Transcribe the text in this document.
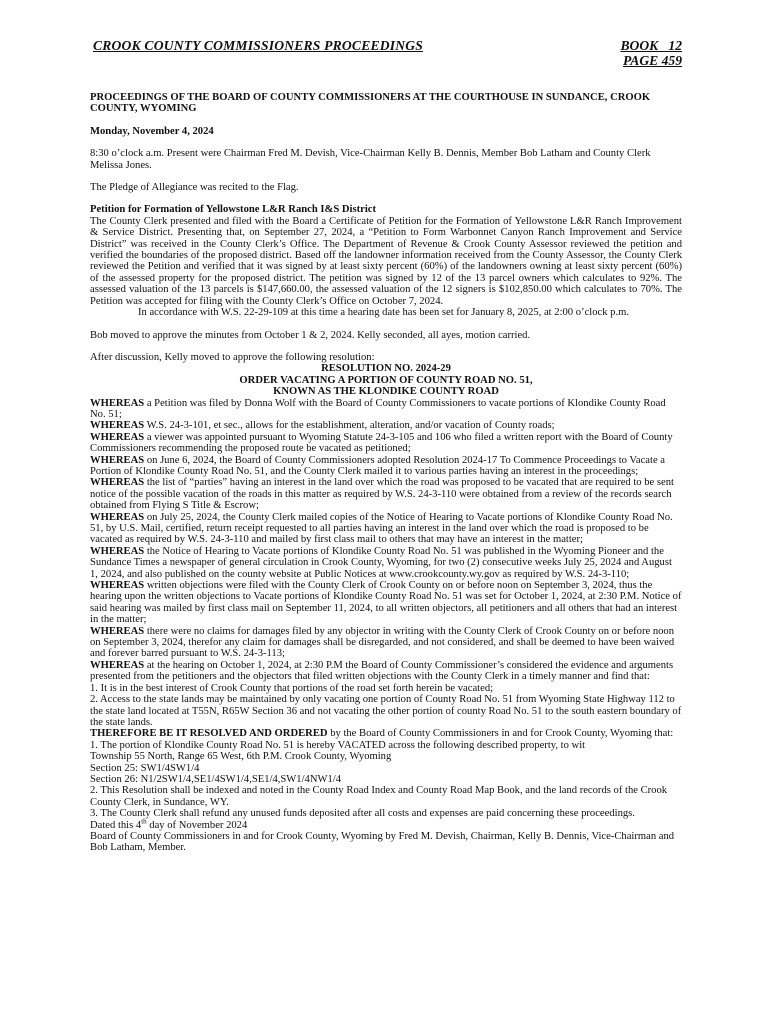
CROOK COUNTY COMMISSIONERS PROCEEDINGS	BOOK   12
PAGE 459

PROCEEDINGS OF THE BOARD OF COUNTY COMMISSIONERS AT THE COURTHOUSE IN SUNDANCE, CROOK COUNTY, WYOMING

Monday, November 4, 2024

8:30 o’clock a.m. Present were Chairman Fred M. Devish, Vice-Chairman Kelly B. Dennis, Member Bob Latham and County Clerk Melissa Jones.

The Pledge of Allegiance was recited to the Flag.

Petition for Formation of Yellowstone L&R Ranch I&S District

The County Clerk presented and filed with the Board a Certificate of Petition for the Formation of Yellowstone L&R Ranch Improvement & Service District. Presenting that, on September 27, 2024, a “Petition to Form Warbonnet Canyon Ranch Improvement and Service District” was received in the County Clerk’s Office. The Department of Revenue & Crook County Assessor reviewed the petition and verified the boundaries of the proposed district. Based off the landowner information received from the County Assessor, the County Clerk reviewed the Petition and verified that it was signed by at least sixty percent (60%) of the landowners owning at least sixty percent (60%) of the assessed property for the proposed district. The petition was signed by 12 of the 13 parcel owners which calculates to 92%. The assessed valuation of the 13 parcels is $147,660.00, the assessed valuation of the 12 signers is $102,850.00 which calculates to 70%. The Petition was accepted for filing with the County Clerk’s Office on October 7, 2024.

In accordance with W.S. 22-29-109 at this time a hearing date has been set for January 8, 2025, at 2:00 o’clock p.m.

Bob moved to approve the minutes from October 1 & 2, 2024. Kelly seconded, all ayes, motion carried.

After discussion, Kelly moved to approve the following resolution:

RESOLUTION NO. 2024-29

ORDER VACATING A PORTION OF COUNTY ROAD NO. 51,

KNOWN AS THE KLONDIKE COUNTY ROAD

WHEREAS a Petition was filed by Donna Wolf with the Board of County Commissioners to vacate portions of Klondike County Road No. 51;

WHEREAS W.S. 24-3-101, et sec., allows for the establishment, alteration, and/or vacation of County roads;

WHEREAS a viewer was appointed pursuant to Wyoming Statute 24-3-105 and 106 who filed a written report with the Board of County Commissioners recommending the proposed route be vacated as petitioned;

WHEREAS on June 6, 2024, the Board of County Commissioners adopted Resolution 2024-17 To Commence Proceedings to Vacate a Portion of Klondike County Road No. 51, and the County Clerk mailed it to various parties having an interest in the proceedings;

WHEREAS the list of “parties” having an interest in the land over which the road was proposed to be vacated that are required to be sent notice of the possible vacation of the roads in this matter as required by W.S. 24-3-110 were obtained from a review of the records search obtained from Flying S Title & Escrow;

WHEREAS on July 25, 2024, the County Clerk mailed copies of the Notice of Hearing to Vacate portions of Klondike County Road No. 51, by U.S. Mail, certified, return receipt requested to all parties having an interest in the land over which the road is proposed to be vacated as required by W.S. 24-3-110 and mailed by first class mail to others that may have an interest in the matter;

WHEREAS the Notice of Hearing to Vacate portions of Klondike County Road No. 51 was published in the Wyoming Pioneer and the Sundance Times a newspaper of general circulation in Crook County, Wyoming, for two (2) consecutive weeks July 25, 2024 and August 1, 2024, and also published on the county website at Public Notices at www.crookcounty.wy.gov as required by W.S. 24-3-110;

WHEREAS written objections were filed with the County Clerk of Crook County on or before noon on September 3, 2024, thus the hearing upon the written objections to Vacate portions of Klondike County Road No. 51 was set for October 1, 2024, at 2:30 P.M. Notice of said hearing was mailed by first class mail on September 11, 2024, to all written objectors, all petitioners and all others that had an interest in the matter;

WHEREAS there were no claims for damages filed by any objector in writing with the County Clerk of Crook County on or before noon on September 3, 2024, therefor any claim for damages shall be disregarded, and not considered, and shall be deemed to have been waived and forever barred pursuant to W.S. 24-3-113;

WHEREAS at the hearing on October 1, 2024, at 2:30 P.M the Board of County Commissioner’s considered the evidence and arguments presented from the petitioners and the objectors that filed written objections with the County Clerk in a timely manner and find that:

1. It is in the best interest of Crook County that portions of the road set forth herein be vacated;

2. Access to the state lands may be maintained by only vacating one portion of County Road No. 51 from Wyoming State Highway 112 to the state land located at T55N, R65W Section 36 and not vacating the other portion of county Road No. 51 to the south eastern boundary of the state lands.

THEREFORE BE IT RESOLVED AND ORDERED by the Board of County Commissioners in and for Crook County, Wyoming that:

1. The portion of Klondike County Road No. 51 is hereby VACATED across the following described property, to wit

Township 55 North, Range 65 West, 6th P.M. Crook County, Wyoming

Section 25: SW1/4SW1/4

Section 26: N1/2SW1/4,SE1/4SW1/4,SE1/4,SW1/4NW1/4

2. This Resolution shall be indexed and noted in the County Road Index and County Road Map Book, and the land records of the Crook County Clerk, in Sundance, WY.

3. The County Clerk shall refund any unused funds deposited after all costs and expenses are paid concerning these proceedings.

Dated this 4th day of November 2024

Board of County Commissioners in and for Crook County, Wyoming by Fred M. Devish, Chairman, Kelly B. Dennis, Vice-Chairman and Bob Latham, Member.
